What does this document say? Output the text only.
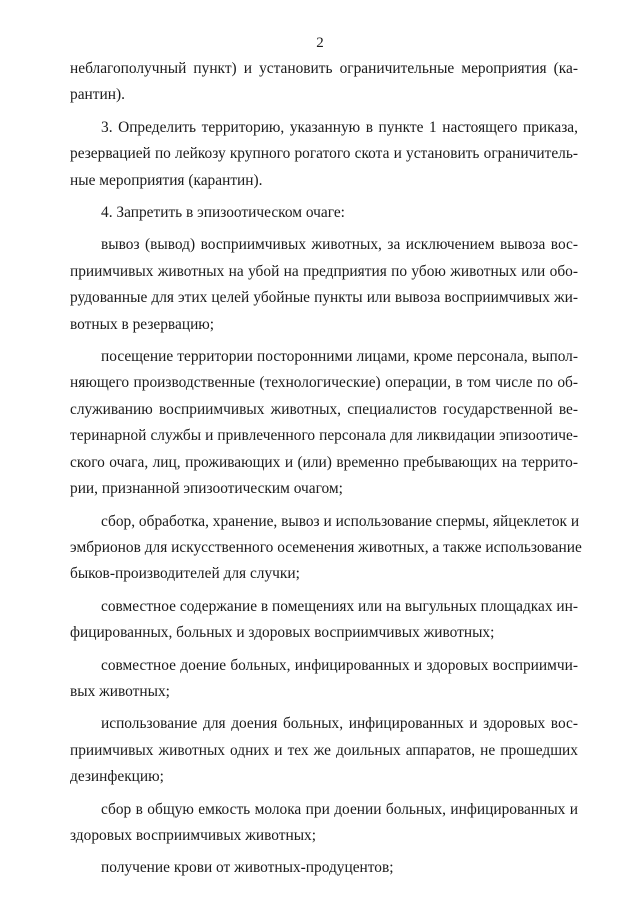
2

неблагополучный пункт) и установить ограничительные мероприятия (ка-
рантин).

3. Определить территорию, указанную в пункте 1 настоящего приказа,
резервацией по лейкозу крупного рогатого скота и установить ограничитель-
ные мероприятия (карантин).

4. Запретить в эпизоотическом очаге:

вывоз (вывод) восприимчивых животных, за исключением вывоза вос-
приимчивых животных на убой на предприятия по убою животных или обо-
рудованные для этих целей убойные пункты или вывоза восприимчивых жи-
вотных в резервацию;

посещение территории посторонними лицами, кроме персонала, выпол-
няющего производственные (технологические) операции, в том числе по об-
служиванию восприимчивых животных, специалистов государственной ве-
теринарной службы и привлеченного персонала для ликвидации эпизоотиче-
ского очага, лиц, проживающих и (или) временно пребывающих на террито-
рии, признанной эпизоотическим очагом;

сбор, обработка, хранение, вывоз и использование спермы, яйцеклеток и
эмбрионов для искусственного осеменения животных, а также использование
быков-производителей для случки;

совместное содержание в помещениях или на выгульных площадках ин-
фицированных, больных и здоровых восприимчивых животных;

совместное доение больных, инфицированных и здоровых восприимчи-
вых животных;

использование для доения больных, инфицированных и здоровых вос-
приимчивых животных одних и тех же доильных аппаратов, не прошедших
дезинфекцию;

сбор в общую емкость молока при доении больных, инфицированных и
здоровых восприимчивых животных;

получение крови от животных-продуцентов;
